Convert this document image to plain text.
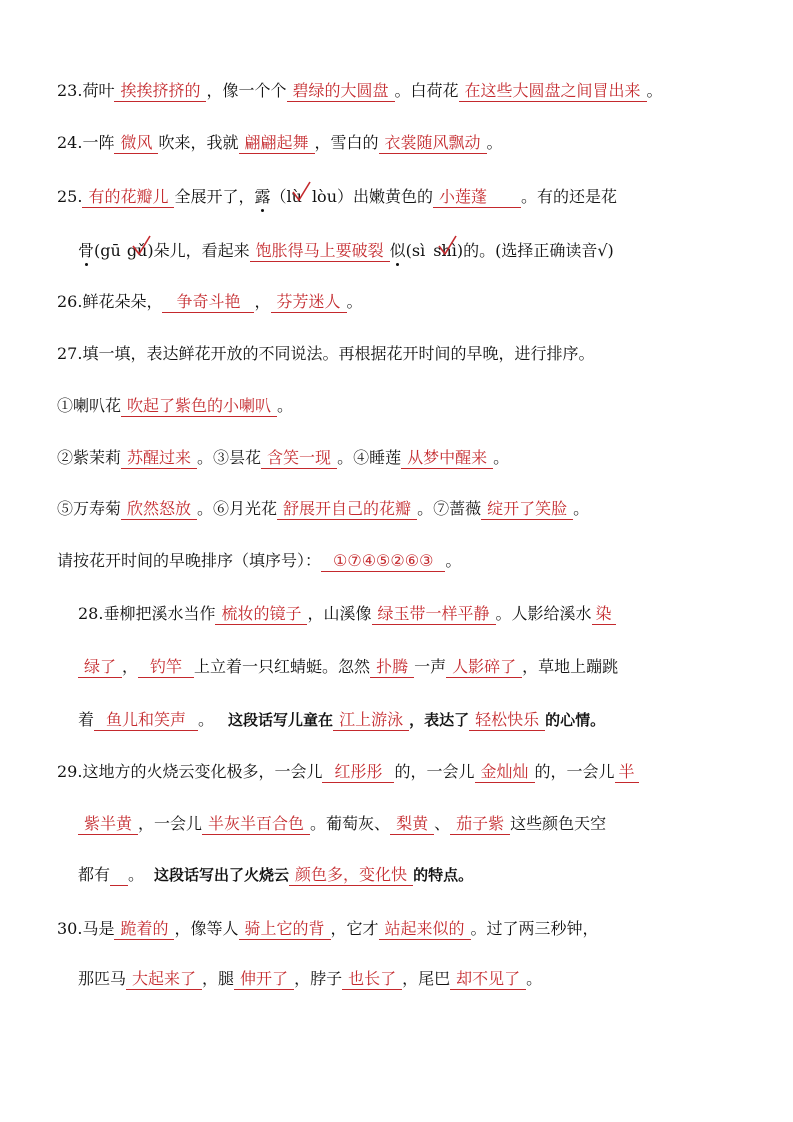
23.荷叶 挨挨挤挤的 ，像一个个 碧绿的大圆盘 。白荷花 在这些大圆盘之间冒出来 。
24.一阵 微风 吹来，我就 翩翩起舞 ，雪白的 衣裳随风飘动 。
25. 有的花瓣儿 全展开了，露（lù lòu）出嫩黄色的 小莲蓬 。有的还是花
骨(gū gǔ
)朵儿，看起来 饱胀得马上要破裂 似(sì shì
)的。(选择正确读音√)
26.鲜花朵朵， 争奇斗艳 ， 芬芳迷人 。
27.填一填，表达鲜花开放的不同说法。再根据花开时间的早晚，进行排序。
①喇叭花 吹起了紫色的小喇叭 。
②紫茉莉 苏醒过来 。③昙花 含笑一现 。④睡莲 从梦中醒来 。
⑤万寿菊 欣然怒放 。⑥月光花 舒展开自己的花瓣 。⑦蔷薇 绽开了笑脸 。
请按花开时间的早晚排序（填序号）： ①⑦④⑤②⑥③ 。
28.垂柳把溪水当作 梳妆的镜子 ，山溪像 绿玉带一样平静 。人影给溪水 染
绿了 ， 钓竿 上立着一只红蜻蜓。忽然 扑腾 一声 人影碎了 ，草地上蹦跳
着 鱼儿和笑声 。 这段话写儿童在 江上游泳 ，表达了 轻松快乐 的心情。
29.这地方的火烧云变化极多，一会儿 红彤彤 的，一会儿 金灿灿 的，一会儿 半
紫半黄 ，一会儿 半灰半百合色 。葡萄灰、 梨黄 、 茄子紫 这些颜色天空
都有 。 这段话写出了火烧云 颜色多，变化快 的特点。
30.马是 跪着的 ，像等人 骑上它的背 ，它才 站起来似的 。过了两三秒钟，
那匹马 大起来了 ，腿 伸开了 ，脖子 也长了 ，尾巴 却不见了 。
